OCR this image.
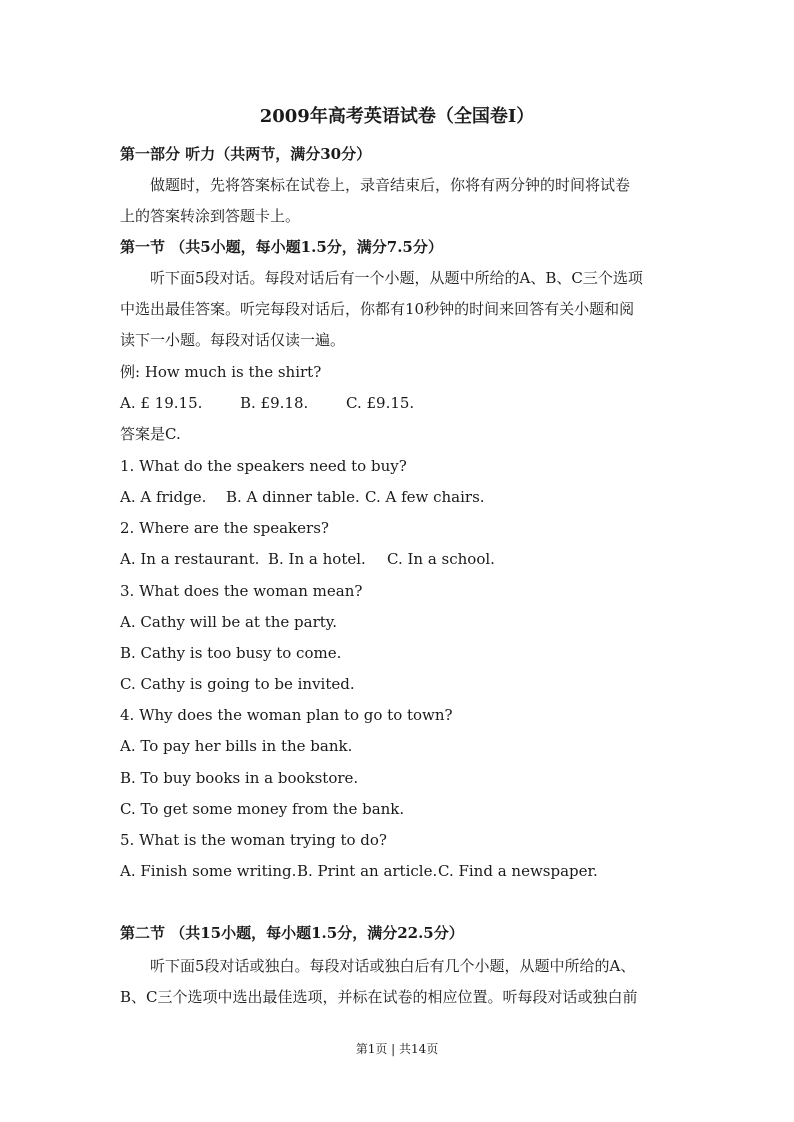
2009年高考英语试卷（全国卷I）
第一部分 听力（共两节，满分30分）
做题时，先将答案标在试卷上，录音结束后，你将有两分钟的时间将试卷
上的答案转涂到答题卡上。
第一节 （共5小题，每小题1.5分，满分7.5分）
听下面5段对话。每段对话后有一个小题，从题中所给的A、B、C三个选项
中选出最佳答案。听完每段对话后，你都有10秒钟的时间来回答有关小题和阅
读下一小题。每段对话仅读一遍。
例: How much is the shirt?
A. £ 19.15.	B. £9.18.	C. £9.15.
答案是C.
1. What do the speakers need to buy?
A. A fridge. B. A dinner table. C. A few chairs.
2. Where are the speakers?
A. In a restaurant. B. In a hotel. C. In a school.
3. What does the woman mean?
A. Cathy will be at the party.
B. Cathy is too busy to come.
C. Cathy is going to be invited.
4. Why does the woman plan to go to town?
A. To pay her bills in the bank.
B. To buy books in a bookstore.
C. To get some money from the bank.
5. What is the woman trying to do?
A. Finish some writing. B. Print an article. C. Find a newspaper.
第二节 （共15小题，每小题1.5分，满分22.5分）
听下面5段对话或独白。每段对话或独白后有几个小题，从题中所给的A、
B、C三个选项中选出最佳选项，并标在试卷的相应位置。听每段对话或独白前
第1页 | 共14页
